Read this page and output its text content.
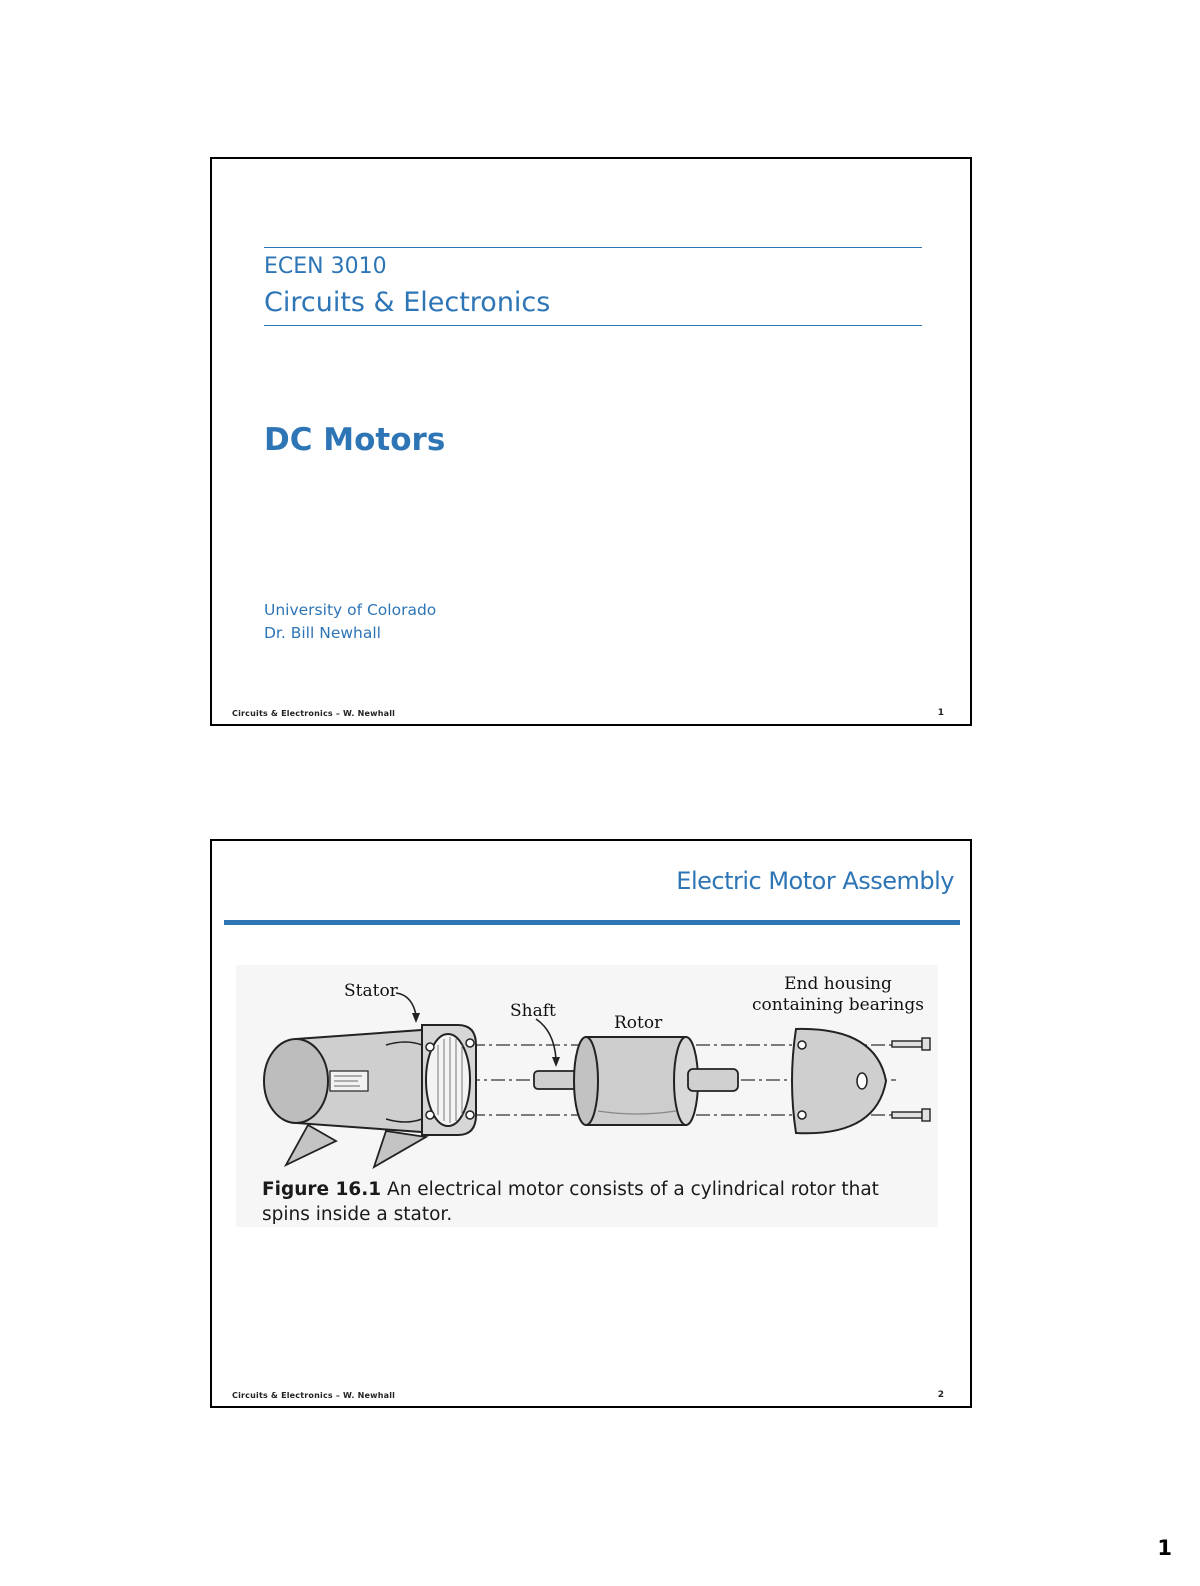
ECEN 3010
Circuits & Electronics
DC Motors
University of Colorado
Dr. Bill Newhall
Circuits & Electronics – W. Newhall	1
Electric Motor Assembly
Stator
Shaft
Rotor
End housing
containing bearings
Figure 16.1 An electrical motor consists of a cylindrical rotor that spins inside a stator.
Circuits & Electronics – W. Newhall	2
1
